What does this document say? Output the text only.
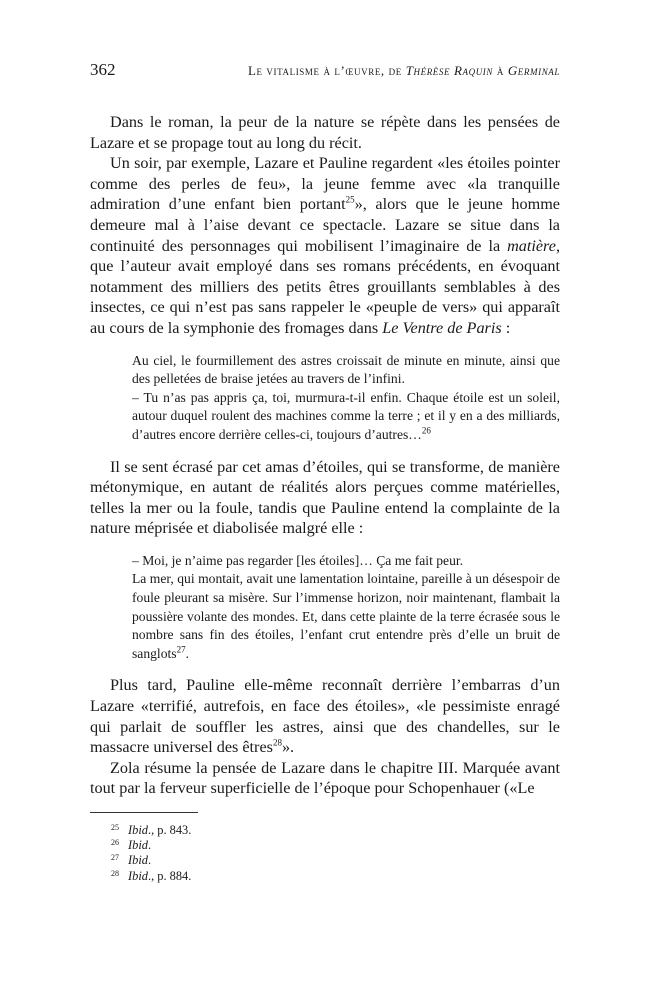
362	Le vitalisme à l’œuvre, de Thérèse Raquin à Germinal

Dans le roman, la peur de la nature se répète dans les pensées de Lazare et se propage tout au long du récit.

Un soir, par exemple, Lazare et Pauline regardent «les étoiles pointer comme des perles de feu», la jeune femme avec «la tranquille admiration d’une enfant bien portant$^{25}$», alors que le jeune homme demeure mal à l’aise devant ce spectacle. Lazare se situe dans la continuité des personnages qui mobilisent l’imaginaire de la matière, que l’auteur avait employé dans ses romans précédents, en évoquant notamment des milliers des petits êtres grouillants semblables à des insectes, ce qui n’est pas sans rappeler le «peuple de vers» qui apparaît au cours de la symphonie des fromages dans Le Ventre de Paris :

Au ciel, le fourmillement des astres croissait de minute en minute, ainsi que des pelletées de braise jetées au travers de l’infini.

– Tu n’as pas appris ça, toi, murmura-t-il enfin. Chaque étoile est un soleil, autour duquel roulent des machines comme la terre ; et il y en a des milliards, d’autres encore derrière celles-ci, toujours d’autres…$^{26}$

Il se sent écrasé par cet amas d’étoiles, qui se transforme, de manière métonymique, en autant de réalités alors perçues comme matérielles, telles la mer ou la foule, tandis que Pauline entend la complainte de la nature méprisée et diabolisée malgré elle :

– Moi, je n’aime pas regarder [les étoiles]… Ça me fait peur.

La mer, qui montait, avait une lamentation lointaine, pareille à un désespoir de foule pleurant sa misère. Sur l’immense horizon, noir maintenant, flambait la poussière volante des mondes. Et, dans cette plainte de la terre écrasée sous le nombre sans fin des étoiles, l’enfant crut entendre près d’elle un bruit de sanglots$^{27}$.

Plus tard, Pauline elle-même reconnaît derrière l’embarras d’un Lazare «terrifié, autrefois, en face des étoiles», «le pessimiste enragé qui parlait de souffler les astres, ainsi que des chandelles, sur le massacre universel des êtres$^{28}$».

Zola résume la pensée de Lazare dans le chapitre III. Marquée avant tout par la ferveur superficielle de l’époque pour Schopenhauer («Le

25 Ibid., p. 843.
26 Ibid.
27 Ibid.
28 Ibid., p. 884.
